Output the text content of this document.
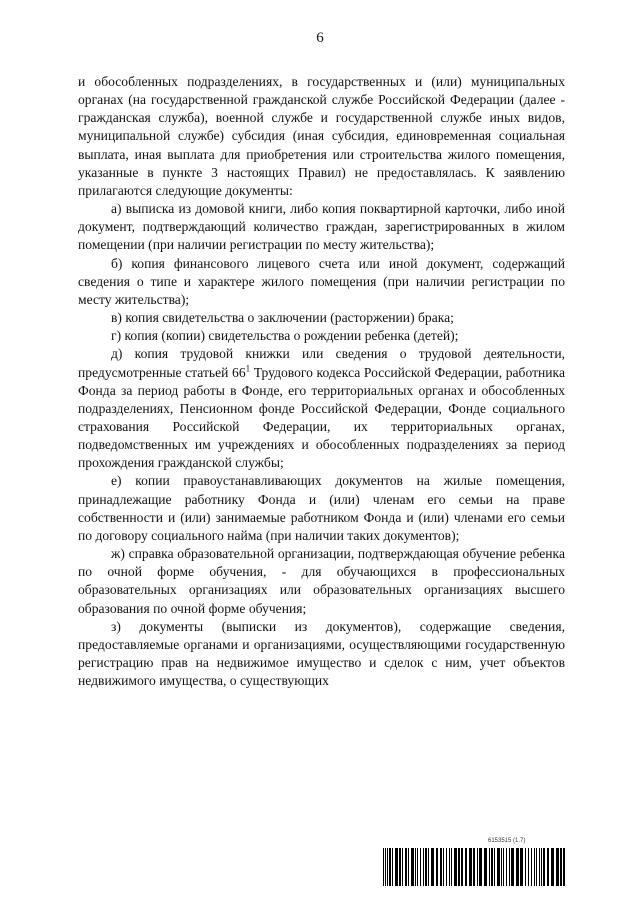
6

и обособленных подразделениях, в государственных и (или) муниципальных органах (на государственной гражданской службе Российской Федерации (далее - гражданская служба), военной службе и государственной службе иных видов, муниципальной службе) субсидия (иная субсидия, единовременная социальная выплата, иная выплата для приобретения или строительства жилого помещения, указанные в пункте 3 настоящих Правил) не предоставлялась. К заявлению прилагаются следующие документы:

а) выписка из домовой книги, либо копия поквартирной карточки, либо иной документ, подтверждающий количество граждан, зарегистрированных в жилом помещении (при наличии регистрации по месту жительства);

б) копия финансового лицевого счета или иной документ, содержащий сведения о типе и характере жилого помещения (при наличии регистрации по месту жительства);

в) копия свидетельства о заключении (расторжении) брака;

г) копия (копии) свидетельства о рождении ребенка (детей);

д) копия трудовой книжки или сведения о трудовой деятельности, предусмотренные статьей $66^1$ Трудового кодекса Российской Федерации, работника Фонда за период работы в Фонде, его территориальных органах и обособленных подразделениях, Пенсионном фонде Российской Федерации, Фонде социального страхования Российской Федерации, их территориальных органах, подведомственных им учреждениях и обособленных подразделениях за период прохождения гражданской службы;

е) копии правоустанавливающих документов на жилые помещения, принадлежащие работнику Фонда и (или) членам его семьи на праве собственности и (или) занимаемые работником Фонда и (или) членами его семьи по договору социального найма (при наличии таких документов);

ж) справка образовательной организации, подтверждающая обучение ребенка по очной форме обучения, - для обучающихся в профессиональных образовательных организациях или образовательных организациях высшего образования по очной форме обучения;

з) документы (выписки из документов), содержащие сведения, предоставляемые органами и организациями, осуществляющими государственную регистрацию прав на недвижимое имущество и сделок с ним, учет объектов недвижимого имущества, о существующих

6153515 (1.7)
